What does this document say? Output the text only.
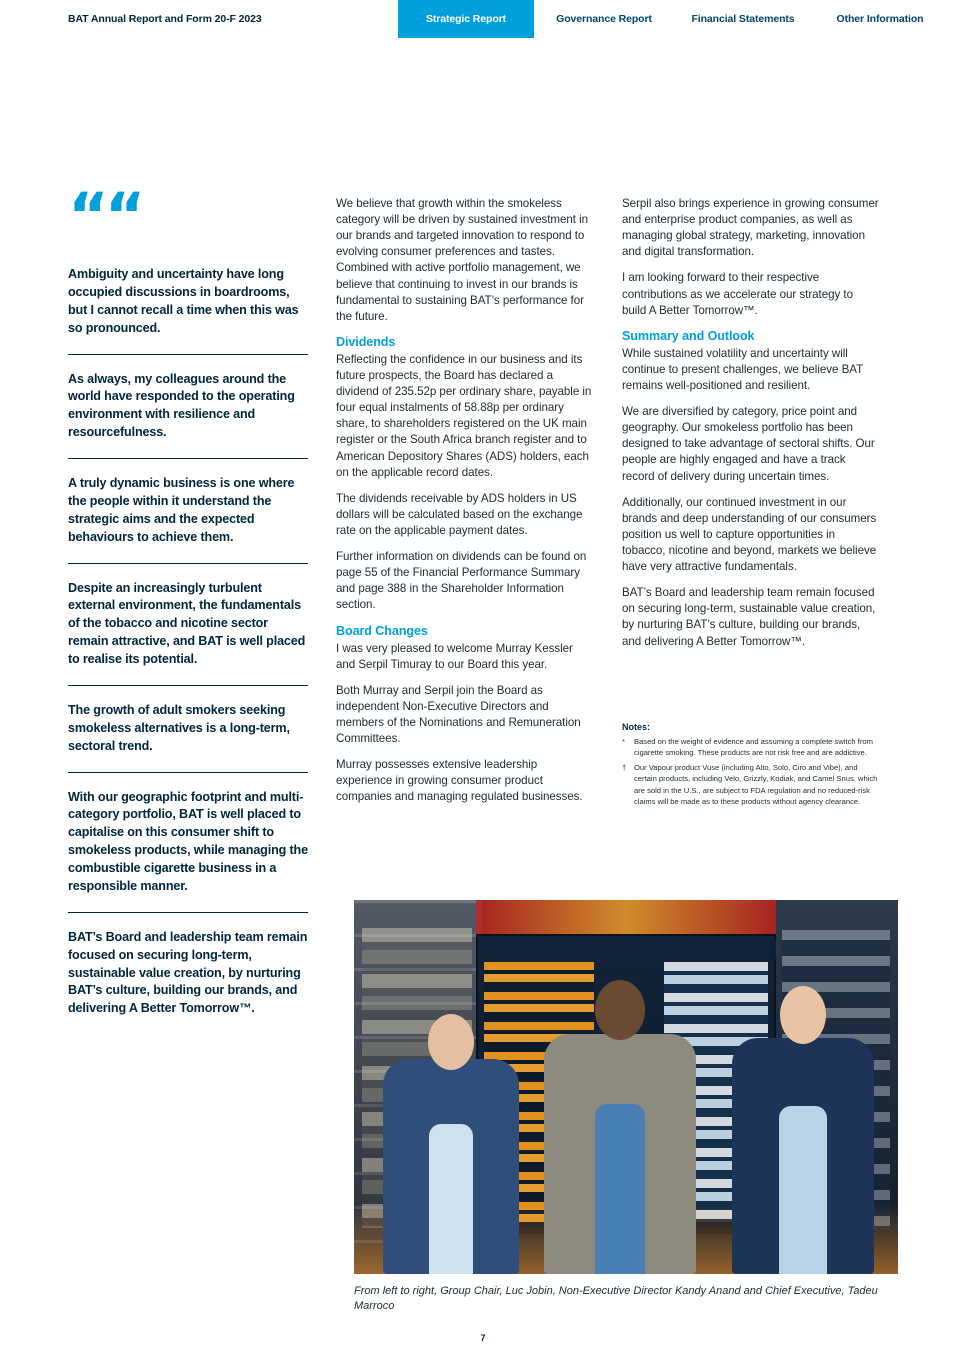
BAT Annual Report and Form 20-F 2023	Strategic Report	Governance Report	Financial Statements	Other Information
““
Ambiguity and uncertainty have long occupied discussions in boardrooms, but I cannot recall a time when this was so pronounced.
As always, my colleagues around the world have responded to the operating environment with resilience and resourcefulness.
A truly dynamic business is one where the people within it understand the strategic aims and the expected behaviours to achieve them.
Despite an increasingly turbulent external environment, the fundamentals of the tobacco and nicotine sector remain attractive, and BAT is well placed to realise its potential.
The growth of adult smokers seeking smokeless alternatives is a long-term, sectoral trend.
With our geographic footprint and multi-category portfolio, BAT is well placed to capitalise on this consumer shift to smokeless products, while managing the combustible cigarette business in a responsible manner.
BAT’s Board and leadership team remain focused on securing long-term, sustainable value creation, by nurturing BAT’s culture, building our brands, and delivering A Better Tomorrow™.

We believe that growth within the smokeless category will be driven by sustained investment in our brands and targeted innovation to respond to evolving consumer preferences and tastes. Combined with active portfolio management, we believe that continuing to invest in our brands is fundamental to sustaining BAT’s performance for the future.

Dividends

Reflecting the confidence in our business and its future prospects, the Board has declared a dividend of 235.52p per ordinary share, payable in four equal instalments of 58.88p per ordinary share, to shareholders registered on the UK main register or the South Africa branch register and to American Depository Shares (ADS) holders, each on the applicable record dates.

The dividends receivable by ADS holders in US dollars will be calculated based on the exchange rate on the applicable payment dates.

Further information on dividends can be found on page 55 of the Financial Performance Summary and page 388 in the Shareholder Information section.

Board Changes

I was very pleased to welcome Murray Kessler and Serpil Timuray to our Board this year.

Both Murray and Serpil join the Board as independent Non-Executive Directors and members of the Nominations and Remuneration Committees.

Murray possesses extensive leadership experience in growing consumer product companies and managing regulated businesses.

Serpil also brings experience in growing consumer and enterprise product companies, as well as managing global strategy, marketing, innovation and digital transformation.

I am looking forward to their respective contributions as we accelerate our strategy to build A Better Tomorrow™.

Summary and Outlook

While sustained volatility and uncertainty will continue to present challenges, we believe BAT remains well-positioned and resilient.

We are diversified by category, price point and geography. Our smokeless portfolio has been designed to take advantage of sectoral shifts. Our people are highly engaged and have a track record of delivery during uncertain times.

Additionally, our continued investment in our brands and deep understanding of our consumers position us well to capture opportunities in tobacco, nicotine and beyond, markets we believe have very attractive fundamentals.

BAT’s Board and leadership team remain focused on securing long-term, sustainable value creation, by nurturing BAT’s culture, building our brands, and delivering A Better Tomorrow™.

Notes:
*	Based on the weight of evidence and assuming a complete switch from cigarette smoking. These products are not risk free and are addictive.
†	Our Vapour product Vuse (including Alto, Solo, Ciro and Vibe), and certain products, including Velo, Grizzly, Kodiak, and Camel Snus, which are sold in the U.S., are subject to FDA regulation and no reduced-risk claims will be made as to these products without agency clearance.
From left to right, Group Chair, Luc Jobin, Non-Executive Director Kandy Anand and Chief Executive, Tadeu Marroco
7
